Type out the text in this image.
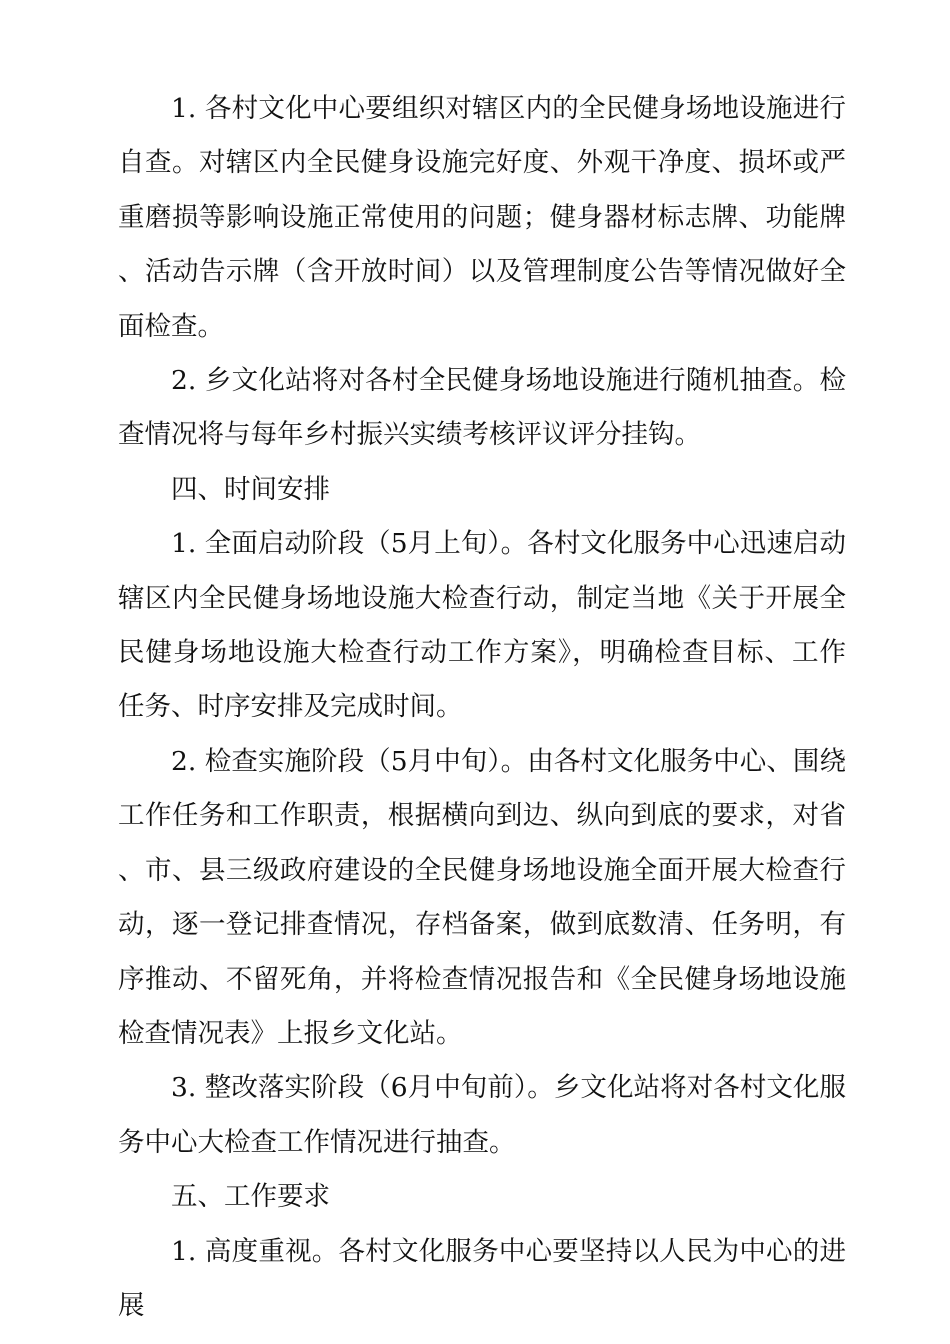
1. 各村文化中心要组织对辖区内的全民健身场地设施进行自查。对辖区内全民健身设施完好度、外观干净度、损坏或严重磨损等影响设施正常使用的问题；健身器材标志牌、功能牌、活动告示牌（含开放时间）以及管理制度公告等情况做好全面检查。

2. 乡文化站将对各村全民健身场地设施进行随机抽查。检查情况将与每年乡村振兴实绩考核评议评分挂钩。

四、时间安排

1. 全面启动阶段（5月上旬）。各村文化服务中心迅速启动辖区内全民健身场地设施大检查行动，制定当地《关于开展全民健身场地设施大检查行动工作方案》，明确检查目标、工作任务、时序安排及完成时间。

2. 检查实施阶段（5月中旬）。由各村文化服务中心、围绕工作任务和工作职责，根据横向到边、纵向到底的要求，对省、市、县三级政府建设的全民健身场地设施全面开展大检查行动，逐一登记排查情况，存档备案，做到底数清、任务明，有序推动、不留死角，并将检查情况报告和《全民健身场地设施检查情况表》上报乡文化站。

3. 整改落实阶段（6月中旬前）。乡文化站将对各村文化服务中心大检查工作情况进行抽查。

五、工作要求

1. 高度重视。各村文化服务中心要坚持以人民为中心的进展
